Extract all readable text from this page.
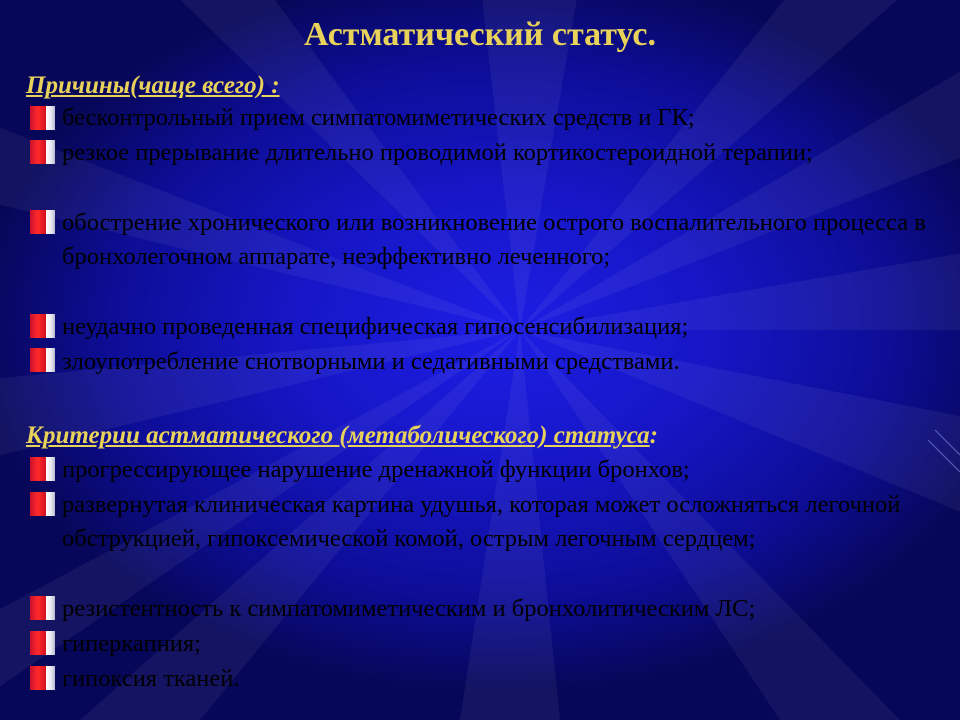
Астматический статус.
Причины(чаще всего) :
бесконтрольный прием симпатомиметических средств и ГК;
резкое прерывание длительно проводимой кортикостероидной терапии;
обострение хронического или возникновение острого воспалительного процесса в бронхолегочном аппарате, неэффективно леченного;
неудачно проведенная специфическая гипосенсибилизация;
злоупотребление снотворными и седативными средствами.
Критерии астматического (метаболического) статуса:
прогрессирующее нарушение дренажной функции бронхов;
развернутая клиническая картина удушья, которая может осложняться легочной обструкцией, гипоксемической комой, острым легочным сердцем;
резистентность к симпатомиметическим и бронхолитическим ЛС;
гиперкапния;
гипоксия тканей.
